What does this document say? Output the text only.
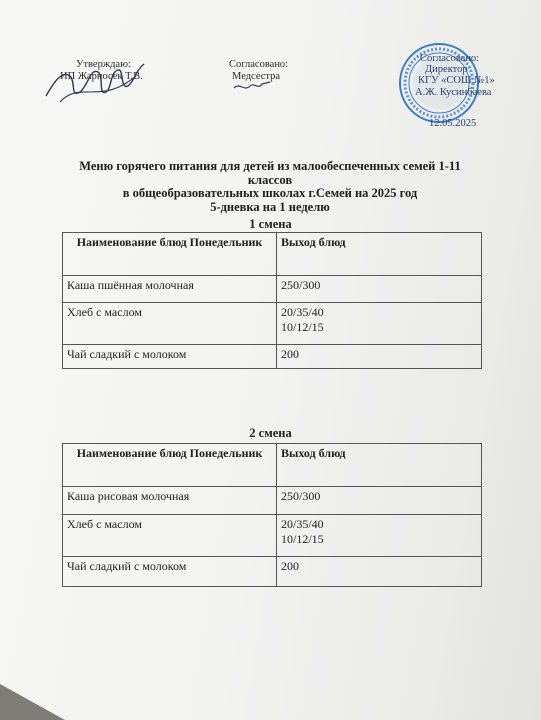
Утверждаю:
ИП Жарносек Т.В.
Согласовано:
Медсестра
Согласовано:
Директор
КГУ «СОШ №1»
А.Ж. Кусинбаева
12.05.2025
Меню горячего питания для детей из малообеспеченных семей 1-11 классов
в общеобразовательных школах г.Семей на 2025 год
5-дневка на 1 неделю
1 смена
Наименование блюд Понедельник	Выход блюд
Каша пшённая молочная	250/300
Хлеб с маслом	20/35/40
10/12/15
Чай сладкий с молоком	200
2 смена
Наименование блюд Понедельник	Выход блюд
Каша рисовая молочная	250/300
Хлеб с маслом	20/35/40
10/12/15
Чай сладкий с молоком	200
